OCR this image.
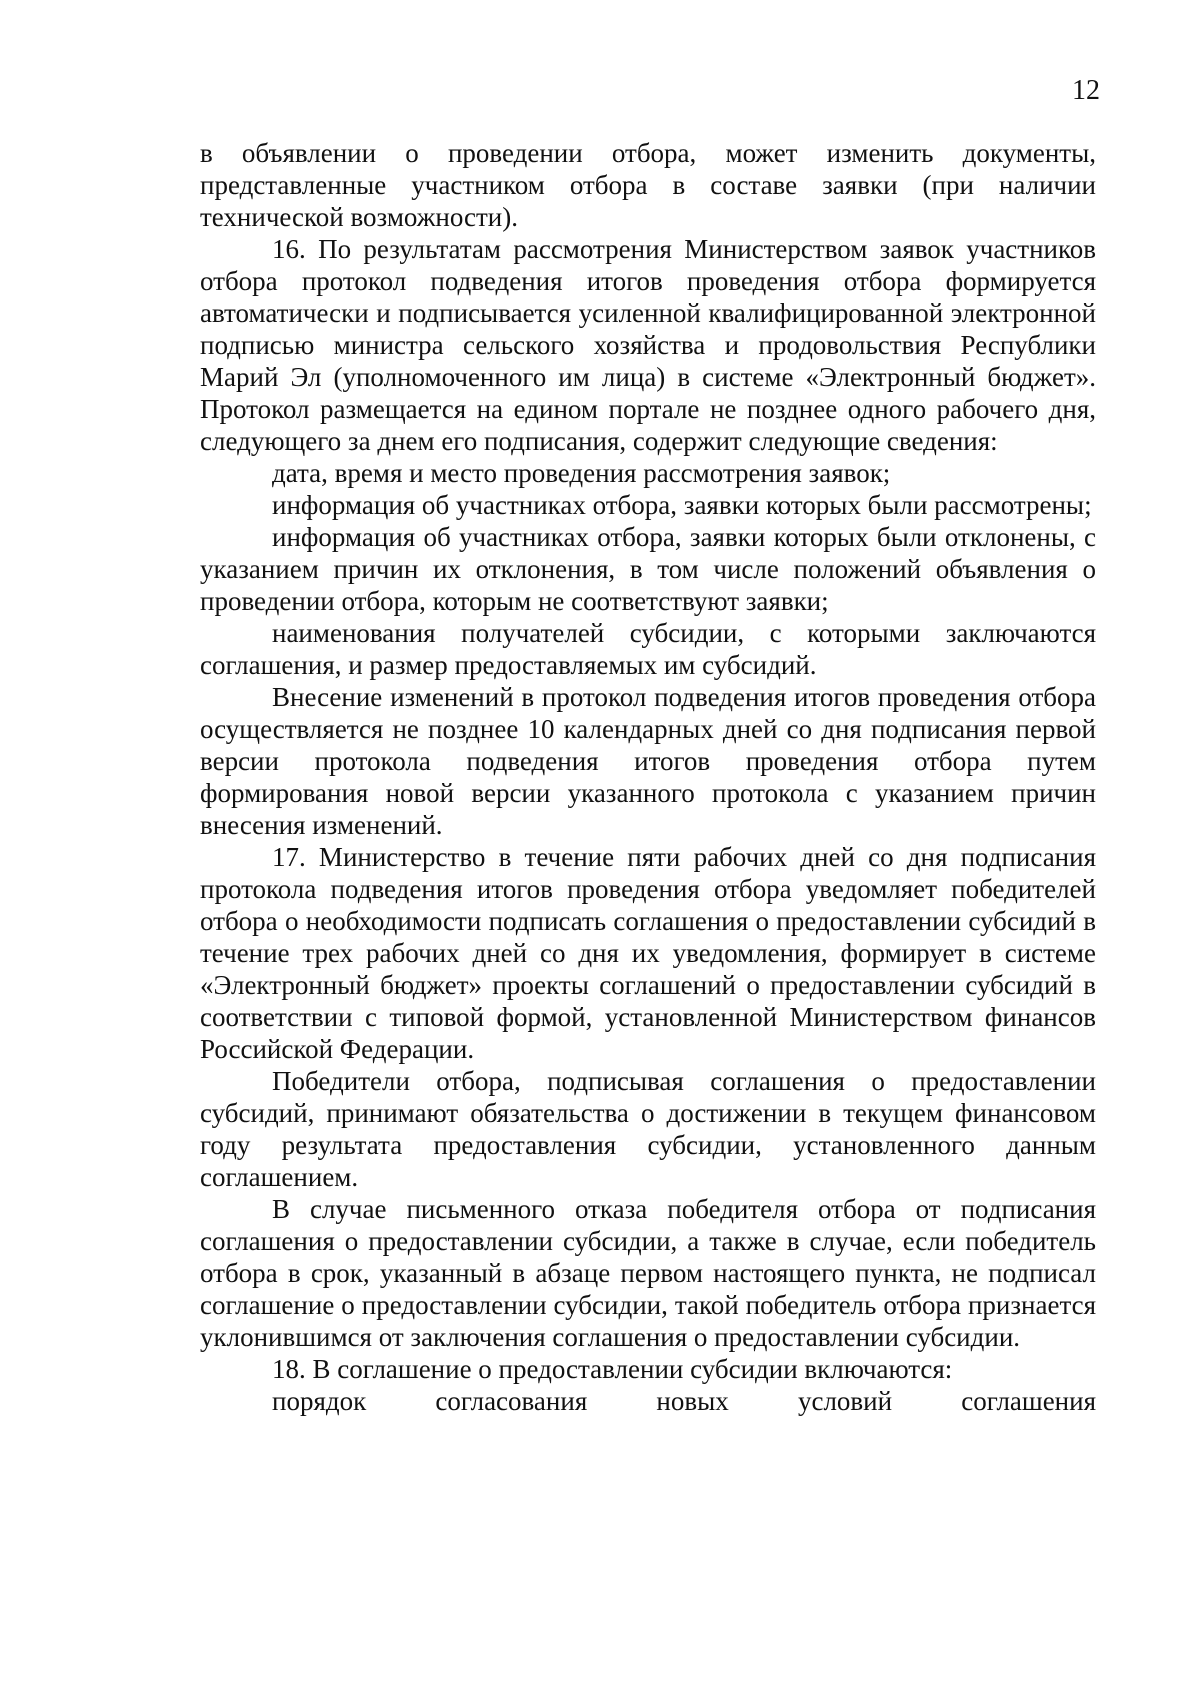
12

в объявлении о проведении отбора, может изменить документы, представленные участником отбора в составе заявки (при наличии технической возможности).

16. По результатам рассмотрения Министерством заявок участников отбора протокол подведения итогов проведения отбора формируется автоматически и подписывается усиленной квалифицированной электронной подписью министра сельского хозяйства и продовольствия Республики Марий Эл (уполномоченного им лица) в системе «Электронный бюджет». Протокол размещается на едином портале не позднее одного рабочего дня, следующего за днем его подписания, содержит следующие сведения:

дата, время и место проведения рассмотрения заявок;

информация об участниках отбора, заявки которых были рассмотрены;

информация об участниках отбора, заявки которых были отклонены, с указанием причин их отклонения, в том числе положений объявления о проведении отбора, которым не соответствуют заявки;

наименования получателей субсидии, с которыми заключаются соглашения, и размер предоставляемых им субсидий.

Внесение изменений в протокол подведения итогов проведения отбора осуществляется не позднее 10 календарных дней со дня подписания первой версии протокола подведения итогов проведения отбора путем формирования новой версии указанного протокола с указанием причин внесения изменений.

17. Министерство в течение пяти рабочих дней со дня подписания протокола подведения итогов проведения отбора уведомляет победителей отбора о необходимости подписать соглашения о предоставлении субсидий в течение трех рабочих дней со дня их уведомления, формирует в системе «Электронный бюджет» проекты соглашений о предоставлении субсидий в соответствии с типовой формой, установленной Министерством финансов Российской Федерации.

Победители отбора, подписывая соглашения о предоставлении субсидий, принимают обязательства о достижении в текущем финансовом году результата предоставления субсидии, установленного данным соглашением.

В случае письменного отказа победителя отбора от подписания соглашения о предоставлении субсидии, а также в случае, если победитель отбора в срок, указанный в абзаце первом настоящего пункта, не подписал соглашение о предоставлении субсидии, такой победитель отбора признается уклонившимся от заключения соглашения о предоставлении субсидии.

18. В соглашение о предоставлении субсидии включаются:

порядок согласования новых условий соглашения
